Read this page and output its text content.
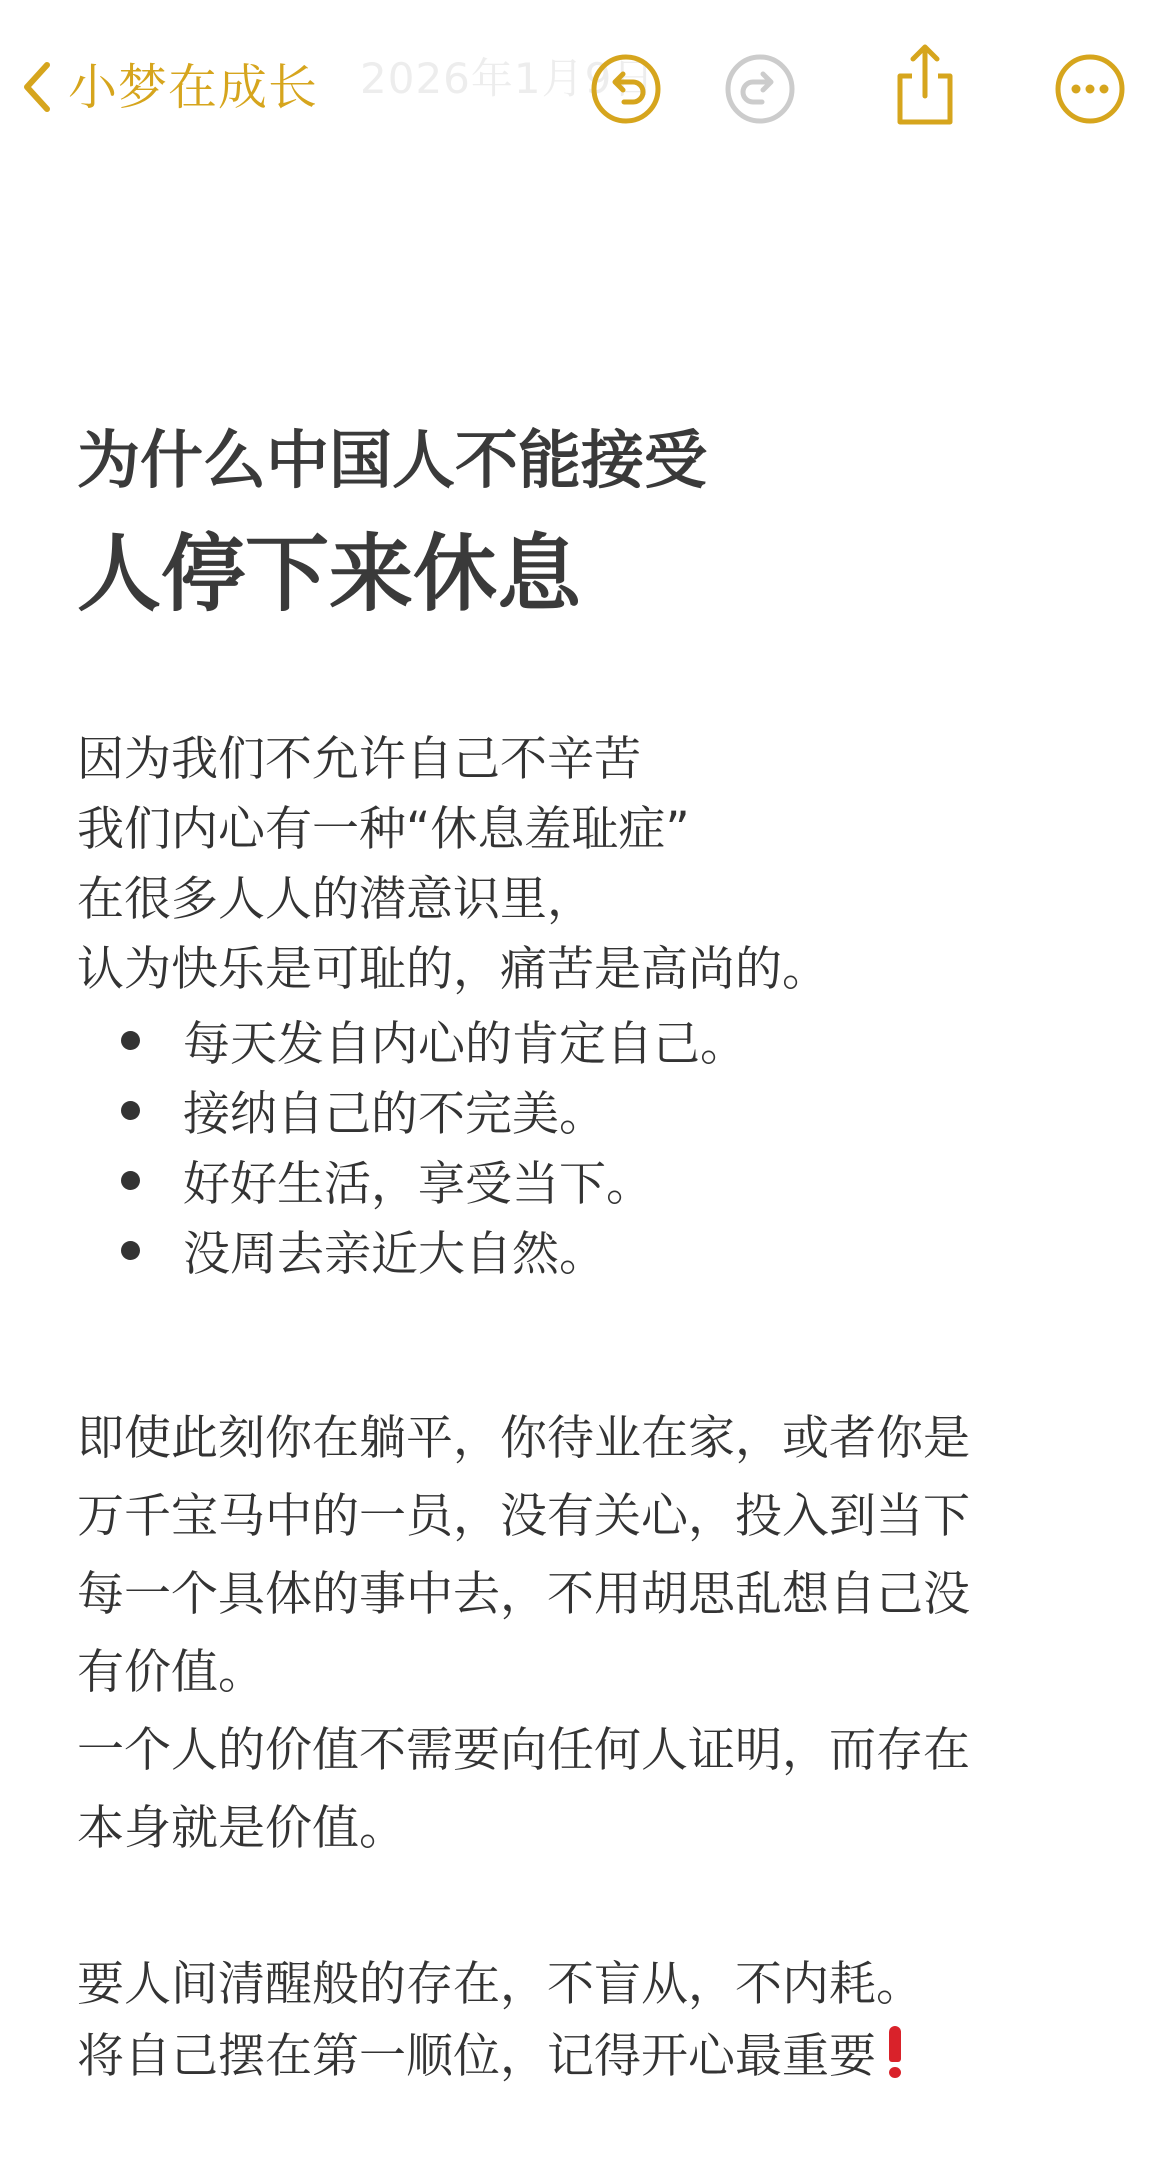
小梦在成长 2026年1月9日
为什么中国人不能接受
人停下来休息

因为我们不允许自己不辛苦

我们内心有一种“休息羞耻症”

在很多人人的潜意识里，

认为快乐是可耻的，痛苦是高尚的。

每天发自内心的肯定自己。
接纳自己的不完美。
好好生活，享受当下。
没周去亲近大自然。

即使此刻你在躺平，你待业在家，或者你是

万千宝马中的一员，没有关心，投入到当下

每一个具体的事中去，不用胡思乱想自己没

有价值。

一个人的价值不需要向任何人证明，而存在

本身就是价值。

要人间清醒般的存在，不盲从，不内耗。

将自己摆在第一顺位，记得开心最重要
